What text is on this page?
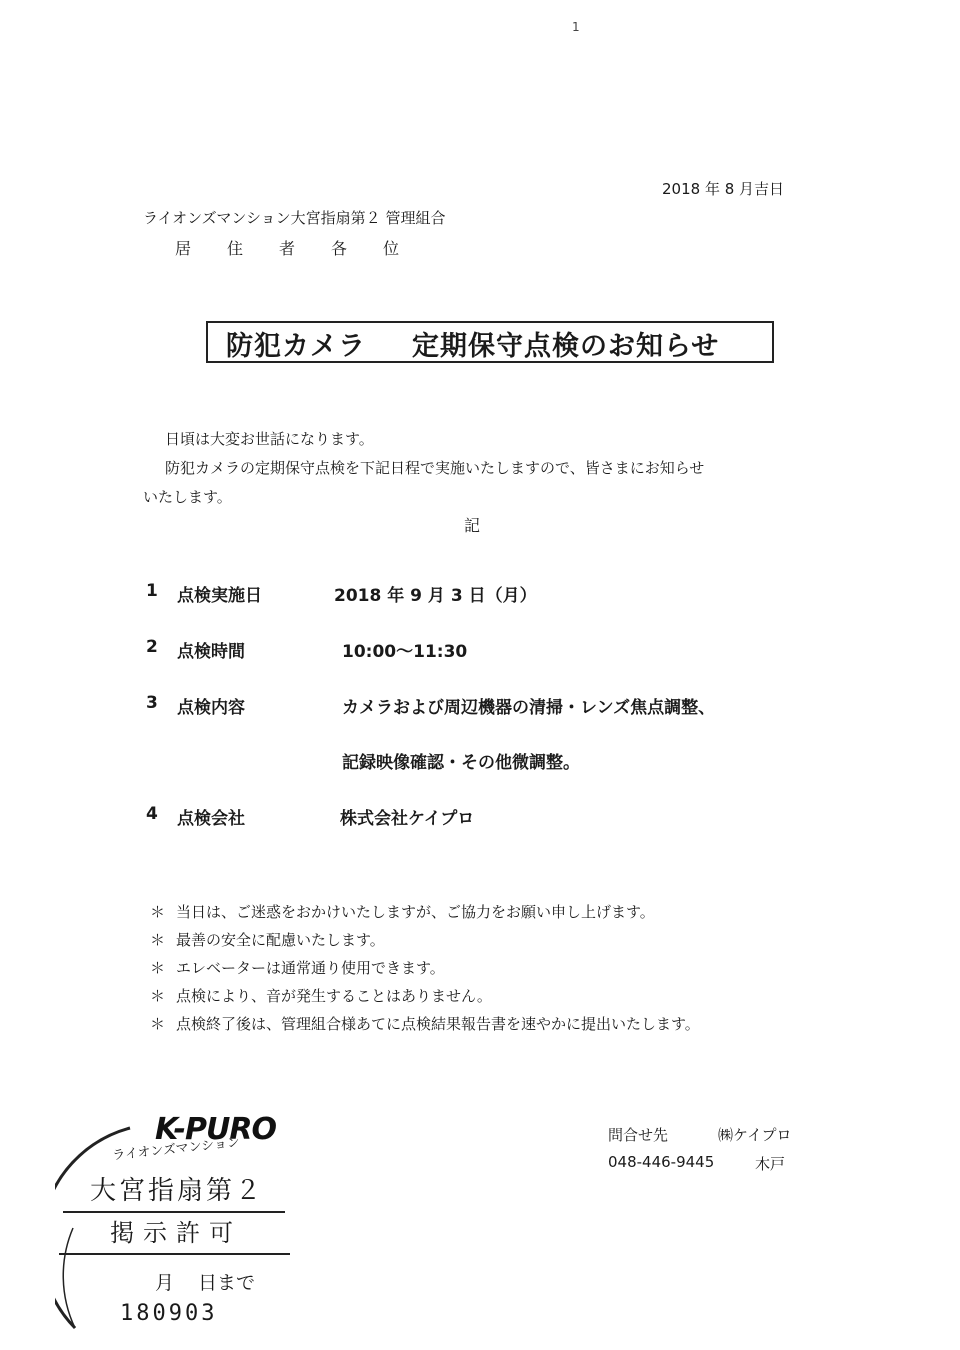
1
2018 年 8 月吉日
ライオンズマンション大宮指扇第２ 管理組合
居住者各位
防犯カメラ 定期保守点検のお知らせ
日頃は大変お世話になります。
防犯カメラの定期保守点検を下記日程で実施いたしますので、皆さまにお知らせ
いたします。
記
1 点検実施日	2018 年 9 月 3 日（月）
2 点検時間	10:00～11:30
3 点検内容	カメラおよび周辺機器の清掃・レンズ焦点調整、
記録映像確認・その他微調整。
4 点検会社	株式会社ケイプロ
＊ 当日は、ご迷惑をおかけいたしますが、ご協力をお願い申し上げます。
＊ 最善の安全に配慮いたします。
＊ エレベーターは通常通り使用できます。
＊ 点検により、音が発生することはありません。
＊ 点検終了後は、管理組合様あてに点検結果報告書を速やかに提出いたします。
問合せ先	㈱ケイプロ
048-446-9445	木戸
K-PURO
ライオンズマンション
大宮指扇第２
掲示許可
月 日まで
180903
